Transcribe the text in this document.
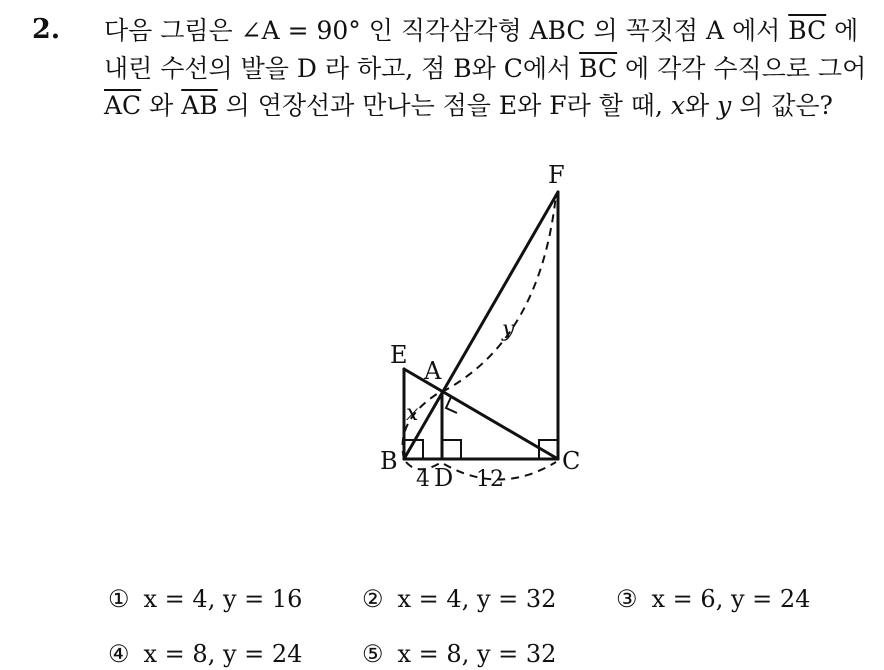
2. 다음 그림은 ∠A = 90° 인 직각삼각형 ABC 의 꼭짓점 A 에서 $\overline{BC}$ 에
내린 수선의 발을 D 라 하고, 점 B와 C에서 $\overline{BC}$ 에 각각 수직으로 그어
$\overline{AC}$ 와 $\overline{AB}$ 의 연장선과 만나는 점을 E와 F라 할 때, x와 y 의 값은?
F
E
A
B	C
D
x
y
4 12
① x = 4, y = 16 ② x = 4, y = 32 ③ x = 6, y = 24
④ x = 8, y = 24 ⑤ x = 8, y = 32
